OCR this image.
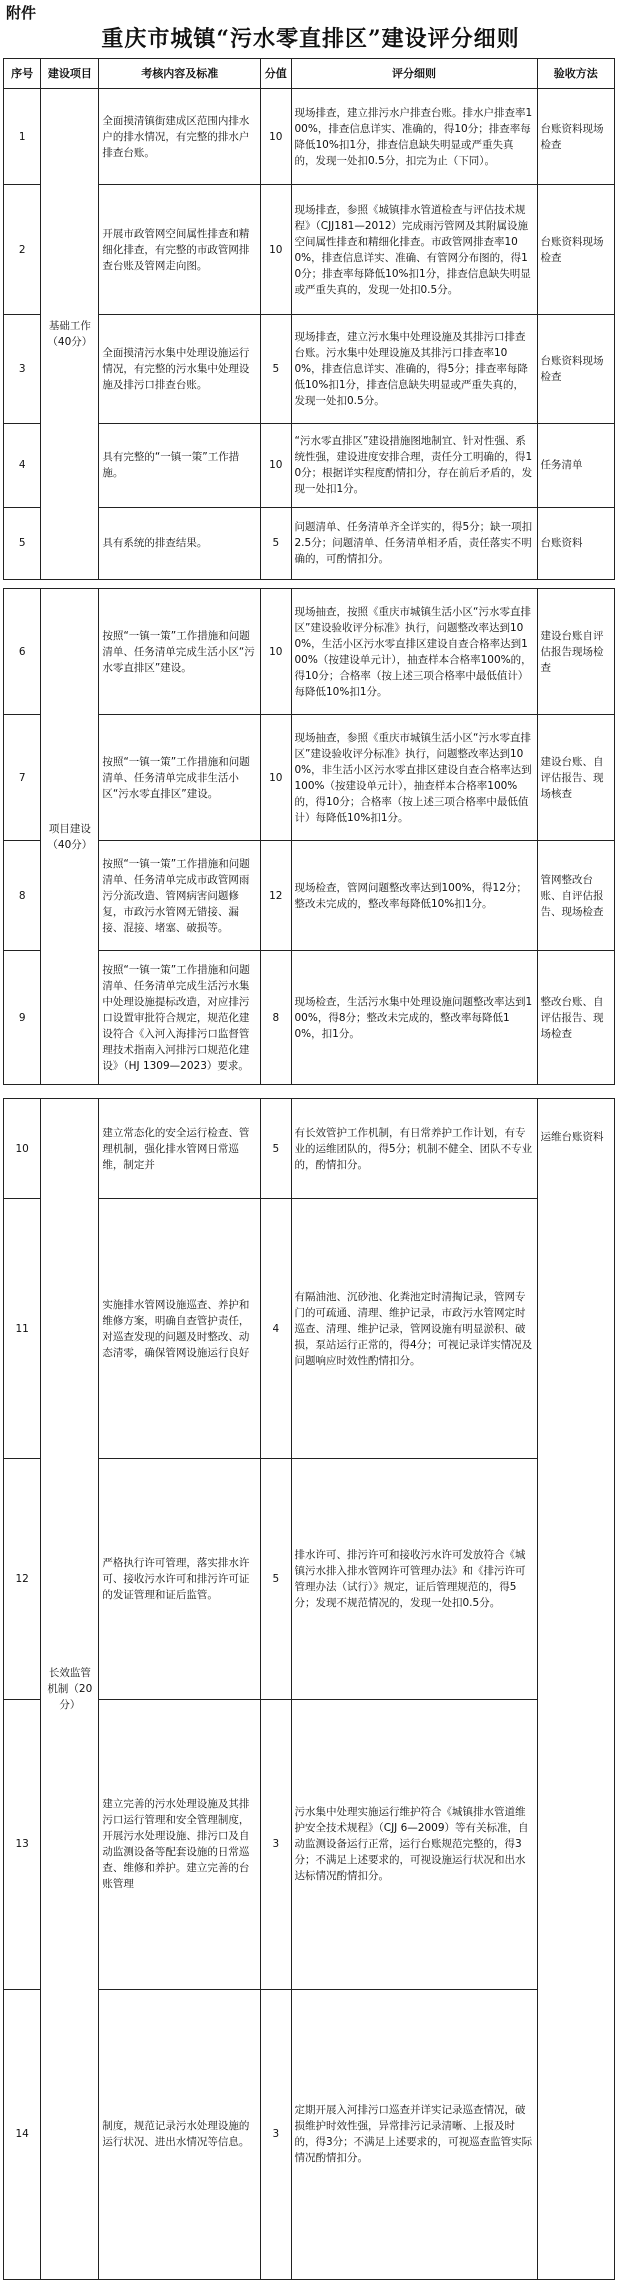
附件
重庆市城镇“污水零直排区”建设评分细则
序号	建设项目	考核内容及标准	分值	评分细则	验收方法
1	基础工作（40分）	全面摸清镇街建成区范围内排水户的排水情况，有完整的排水户排查台账。	10	现场排查，建立排污水户排查台账。排水户排查率100%，排查信息详实、准确的，得10分；排查率每降低10%扣1分，排查信息缺失明显或严重失真的，发现一处扣0.5分，扣完为止（下同）。	台账资料现场检查
2		开展市政管网空间属性排查和精细化排查，有完整的市政管网排查台账及管网走向图。	10	现场排查，参照《城镇排水管道检查与评估技术规程》（CJJ181—2012）完成雨污管网及其附属设施空间属性排查和精细化排查。市政管网排查率100%，排查信息详实、准确、有管网分布图的，得10分；排查率每降低10%扣1分，排查信息缺失明显或严重失真的，发现一处扣0.5分。	台账资料现场检查
3		全面摸清污水集中处理设施运行情况，有完整的污水集中处理设施及排污口排查台账。	5	现场排查，建立污水集中处理设施及其排污口排查台账。污水集中处理设施及其排污口排查率100%，排查信息详实、准确的，得5分；排查率每降低10%扣1分，排查信息缺失明显或严重失真的，发现一处扣0.5分。	台账资料现场检查
4		具有完整的“一镇一策”工作措施。	10	“污水零直排区”建设措施图地制宜、针对性强、系统性强，建设进度安排合理，责任分工明确的，得10分；根据详实程度酌情扣分，存在前后矛盾的，发现一处扣1分。	任务清单
5		具有系统的排查结果。	5	问题清单、任务清单齐全详实的，得5分；缺一项扣2.5分；问题清单、任务清单相矛盾，责任落实不明确的，可酌情扣分。	台账资料
6	项目建设（40分）	按照“一镇一策”工作措施和问题清单、任务清单完成生活小区“污水零直排区”建设。	10	现场抽查，按照《重庆市城镇生活小区“污水零直排区”建设验收评分标准》执行，问题整改率达到100%，生活小区污水零直排区建设自查合格率达到100%（按建设单元计），抽查样本合格率100%的，得10分；合格率（按上述三项合格率中最低值计）每降低10%扣1分。	建设台账自评估报告现场检查
7		按照“一镇一策”工作措施和问题清单、任务清单完成非生活小区“污水零直排区”建设。	10	现场抽查，参照《重庆市城镇生活小区“污水零直排区”建设验收评分标准》执行，问题整改率达到100%，非生活小区污水零直排区建设自查合格率达到100%（按建设单元计），抽查样本合格率100%的，得10分；合格率（按上述三项合格率中最低值计）每降低10%扣1分。	建设台账、自评估报告、现场核查
8		按照“一镇一策”工作措施和问题清单、任务清单完成市政管网雨污分流改造、管网病害问题修复，市政污水管网无错接、漏接、混接、堵塞、破损等。	12	现场检查，管网问题整改率达到100%，得12分；整改未完成的，整改率每降低10%扣1分。	管网整改台账、自评估报告、现场检查
9		按照“一镇一策”工作措施和问题清单、任务清单完成生活污水集中处理设施提标改造，对应排污口设置审批符合规定，规范化建设符合《入河入海排污口监督管理技术指南入河排污口规范化建设》（HJ 1309—2023）要求。	8	现场检查，生活污水集中处理设施问题整改率达到100%，得8分；整改未完成的，整改率每降低10%，扣1分。	整改台账、自评估报告、现场检查
10	长效监管机制（20分）	建立常态化的安全运行检查、管理机制，强化排水管网日常巡维，制定并	5	有长效管护工作机制，有日常养护工作计划，有专业的运维团队的，得5分；机制不健全、团队不专业的，酌情扣分。	运维台账资料
11		实施排水管网设施巡查、养护和维修方案，明确自查管护责任，对巡查发现的问题及时整改、动态清零，确保管网设施运行良好	4	有隔油池、沉砂池、化粪池定时清掏记录，管网专门的可疏通、清理、维护记录，市政污水管网定时巡查、清理、维护记录，管网设施有明显淤积、破损，泵站运行正常的，得4分；可视记录详实情况及问题响应时效性酌情扣分。	
12		严格执行许可管理，落实排水许可、接收污水许可和排污许可证的发证管理和证后监管。	5	排水许可、排污许可和接收污水许可发放符合《城镇污水排入排水管网许可管理办法》和《排污许可管理办法（试行）》规定，证后管理规范的，得5分；发现不规范情况的，发现一处扣0.5分。	
13		建立完善的污水处理设施及其排污口运行管理和安全管理制度，开展污水处理设施、排污口及自动监测设备等配套设施的日常巡查、维修和养护。建立完善的台账管理	3	污水集中处理实施运行维护符合《城镇排水管道维护安全技术规程》（CJJ 6—2009）等有关标准，自动监测设备运行正常，运行台账规范完整的，得3分；不满足上述要求的，可视设施运行状况和出水达标情况酌情扣分。	
14		制度，规范记录污水处理设施的运行状况、进出水情况等信息。	3	定期开展入河排污口巡查并详实记录巡查情况，破损维护时效性强，异常排污记录清晰、上报及时的，得3分；不满足上述要求的，可视巡查监管实际情况酌情扣分。	
